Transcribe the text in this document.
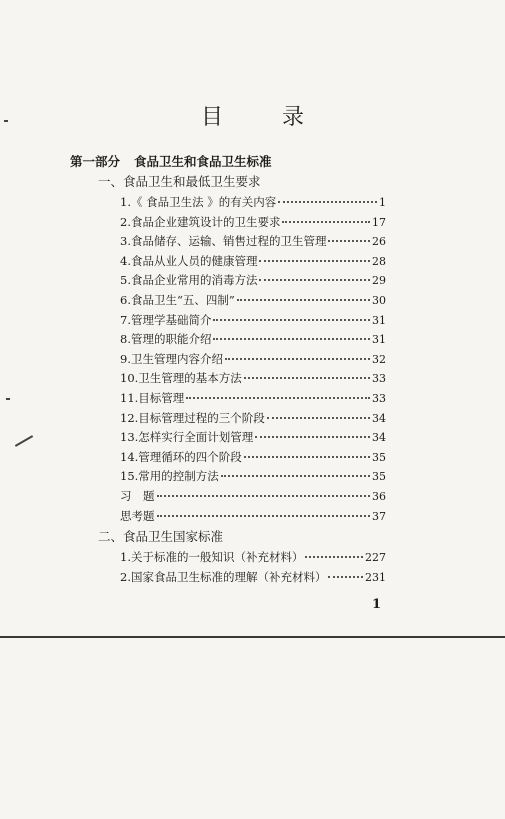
目 录
第一部分 食品卫生和食品卫生标准
1
一、食品卫生和最低卫生要求
1.《 食品卫生法 》的有关内容	1
2.食品企业建筑设计的卫生要求	17
3.食品储存、运输、销售过程的卫生管理	26
4.食品从业人员的健康管理	28
5.食品企业常用的消毒方法	29
6.食品卫生“五、四制”	30
7.管理学基础简介	31
8.管理的职能介绍	31
9.卫生管理内容介绍	32
10.卫生管理的基本方法	33
11.目标管理	33
12.目标管理过程的三个阶段	34
13.怎样实行全面计划管理	34
14.管理循环的四个阶段	35
15.常用的控制方法	35
习　题	36
思考题	37
二、食品卫生国家标准
1.关于标准的一般知识（补充材料）	227
2.国家食品卫生标准的理解（补充材料）	231
